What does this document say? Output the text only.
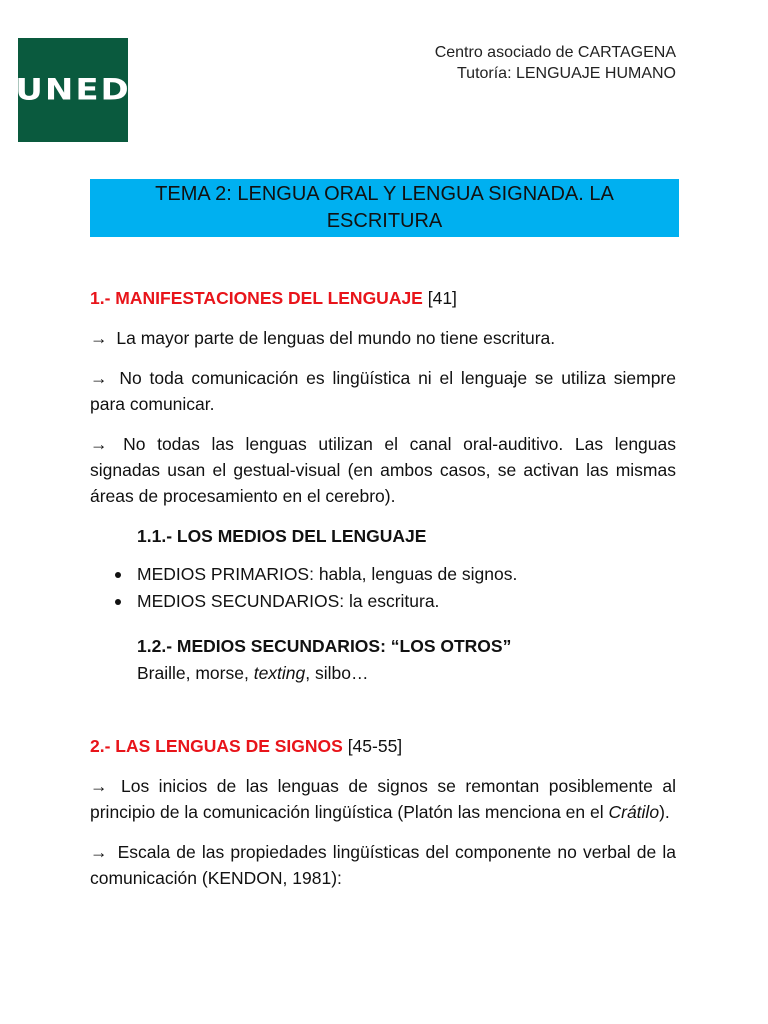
UNED
Centro asociado de CARTAGENA
Tutoría: LENGUAJE HUMANO
TEMA 2: LENGUA ORAL Y LENGUA SIGNADA. LA ESCRITURA
1.- MANIFESTACIONES DEL LENGUAJE [41]

→ La mayor parte de lenguas del mundo no tiene escritura.

→ No toda comunicación es lingüística ni el lenguaje se utiliza siempre para comunicar.

→ No todas las lenguas utilizan el canal oral-auditivo. Las lenguas signadas usan el gestual-visual (en ambos casos, se activan las mismas áreas de procesamiento en el cerebro).

1.1.- LOS MEDIOS DEL LENGUAJE
MEDIOS PRIMARIOS: habla, lenguas de signos.
MEDIOS SECUNDARIOS: la escritura.
1.2.- MEDIOS SECUNDARIOS: “LOS OTROS”
Braille, morse, texting, silbo…
2.- LAS LENGUAS DE SIGNOS [45-55]

→ Los inicios de las lenguas de signos se remontan posiblemente al principio de la comunicación lingüística (Platón las menciona en el Crátilo).

→ Escala de las propiedades lingüísticas del componente no verbal de la comunicación (KENDON, 1981):
